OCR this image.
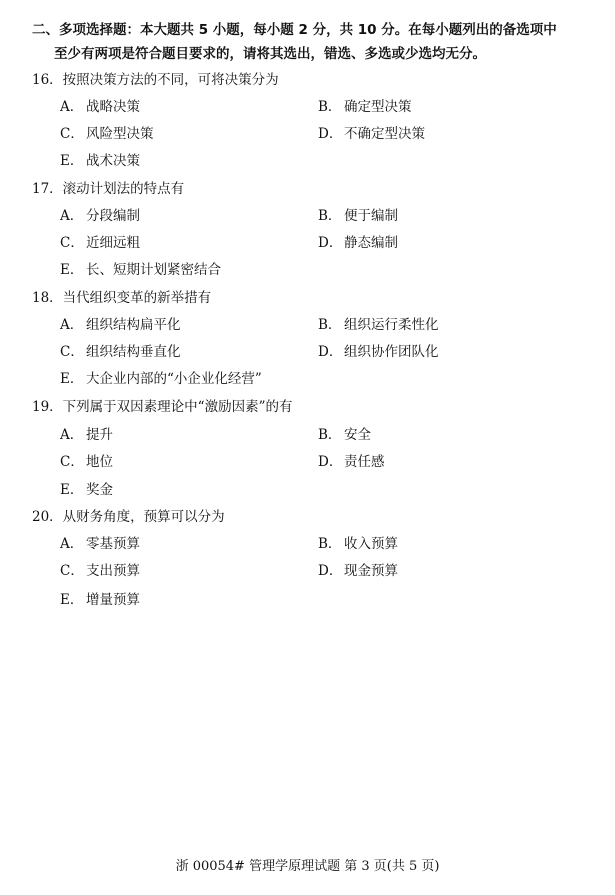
二、多项选择题：本大题共 5 小题，每小题 2 分，共 10 分。在每小题列出的备选项中
至少有两项是符合题目要求的，请将其选出，错选、多选或少选均无分。
16．按照决策方法的不同，可将决策分为
A． 战略决策	B． 确定型决策
C． 风险型决策	D． 不确定型决策
E． 战术决策
17．滚动计划法的特点有
A． 分段编制	B． 便于编制
C． 近细远粗	D． 静态编制
E． 长、短期计划紧密结合
18．当代组织变革的新举措有
A． 组织结构扁平化	B． 组织运行柔性化
C． 组织结构垂直化	D． 组织协作团队化
E． 大企业内部的“小企业化经营”
19．下列属于双因素理论中“激励因素”的有
A． 提升	B． 安全
C． 地位	D． 责任感
E． 奖金
20．从财务角度，预算可以分为
A． 零基预算	B． 收入预算
C． 支出预算	D． 现金预算
E． 增量预算
浙 00054# 管理学原理试题 第 3 页(共 5 页)
